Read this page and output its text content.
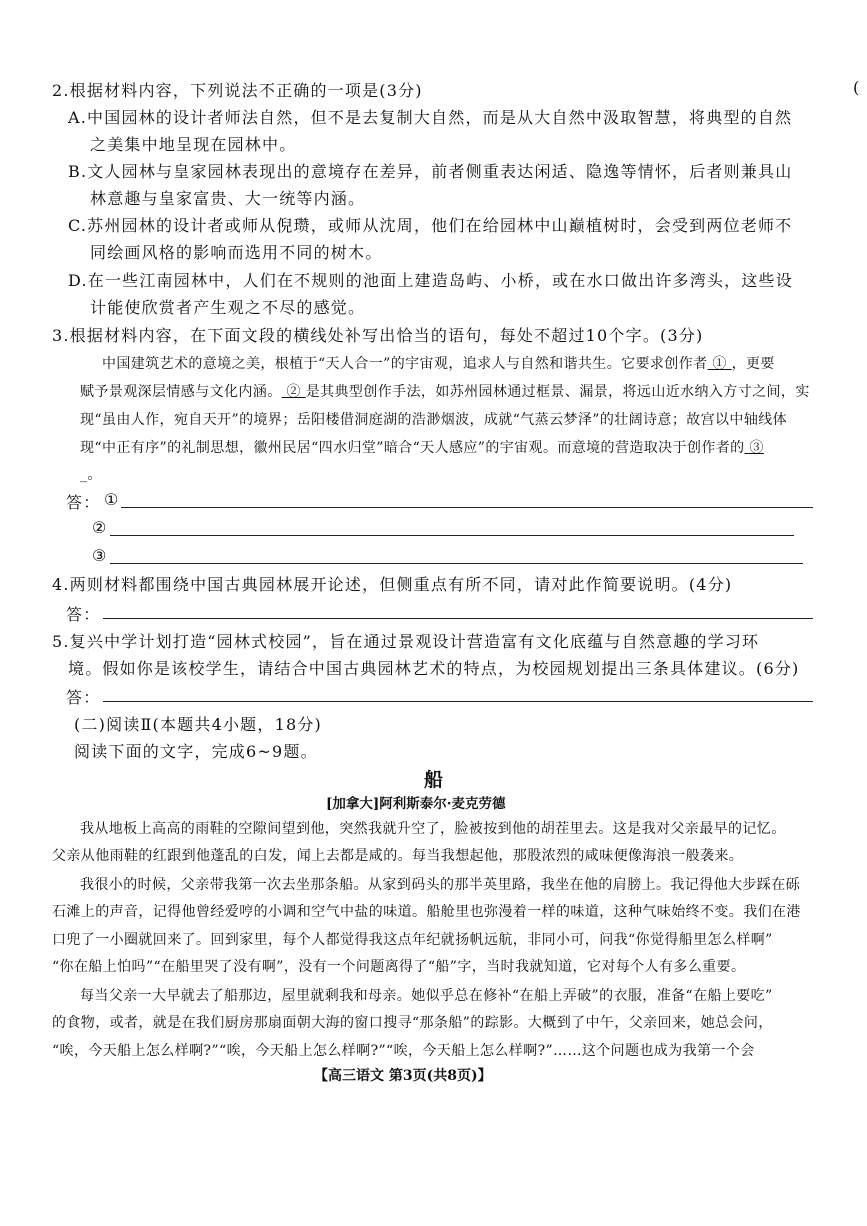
(
2.根据材料内容，下列说法不正确的一项是(3分)
A.中国园林的设计者师法自然，但不是去复制大自然，而是从大自然中汲取智慧，将典型的自然
之美集中地呈现在园林中。
B.文人园林与皇家园林表现出的意境存在差异，前者侧重表达闲适、隐逸等情怀，后者则兼具山
林意趣与皇家富贵、大一统等内涵。
C.苏州园林的设计者或师从倪瓒，或师从沈周，他们在给园林中山巅植树时，会受到两位老师不
同绘画风格的影响而选用不同的树木。
D.在一些江南园林中，人们在不规则的池面上建造岛屿、小桥，或在水口做出许多湾头，这些设
计能使欣赏者产生观之不尽的感觉。
3.根据材料内容，在下面文段的横线处补写出恰当的语句，每处不超过10个字。(3分)
中国建筑艺术的意境之美，根植于“天人合一”的宇宙观，追求人与自然和谐共生。它要求创作者 ① ，更要
赋予景观深层情感与文化内涵。 ② 是其典型创作手法，如苏州园林通过框景、漏景，将远山近水纳入方寸之间，实
现“虽由人作，宛自天开”的境界；岳阳楼借洞庭湖的浩渺烟波，成就“气蒸云梦泽”的壮阔诗意；故宫以中轴线体
现“中正有序”的礼制思想，徽州民居“四水归堂”暗合“天人感应”的宇宙观。而意境的营造取决于创作者的 ③
_。
答： ①
②
③
4.两则材料都围绕中国古典园林展开论述，但侧重点有所不同，请对此作简要说明。(4分)
答：
5.复兴中学计划打造“园林式校园”，旨在通过景观设计营造富有文化底蕴与自然意趣的学习环
境。假如你是该校学生，请结合中国古典园林艺术的特点，为校园规划提出三条具体建议。(6分)
答：
(二)阅读Ⅱ(本题共4小题，18分)
阅读下面的文字，完成6~9题。
船
[加拿大]阿利斯泰尔·麦克劳德
我从地板上高高的雨鞋的空隙间望到他，突然我就升空了，脸被按到他的胡茬里去。这是我对父亲最早的记忆。
父亲从他雨鞋的红跟到他蓬乱的白发，闻上去都是咸的。每当我想起他，那股浓烈的咸味便像海浪一般袭来。
我很小的时候，父亲带我第一次去坐那条船。从家到码头的那半英里路，我坐在他的肩膀上。我记得他大步踩在砾
石滩上的声音，记得他曾经爱哼的小调和空气中盐的味道。船舱里也弥漫着一样的味道，这种气味始终不变。我们在港
口兜了一小圈就回来了。回到家里，每个人都觉得我这点年纪就扬帆远航，非同小可，问我“你觉得船里怎么样啊”
“你在船上怕吗”“在船里哭了没有啊”，没有一个问题离得了“船”字，当时我就知道，它对每个人有多么重要。
每当父亲一大早就去了船那边，屋里就剩我和母亲。她似乎总在修补“在船上弄破”的衣服，准备“在船上要吃”
的食物，或者，就是在我们厨房那扇面朝大海的窗口搜寻“那条船”的踪影。大概到了中午，父亲回来，她总会问，
“唉，今天船上怎么样啊?”“唉，今天船上怎么样啊?”“唉，今天船上怎么样啊?”……这个问题也成为我第一个会
【高三语文 第3页(共8页)】
